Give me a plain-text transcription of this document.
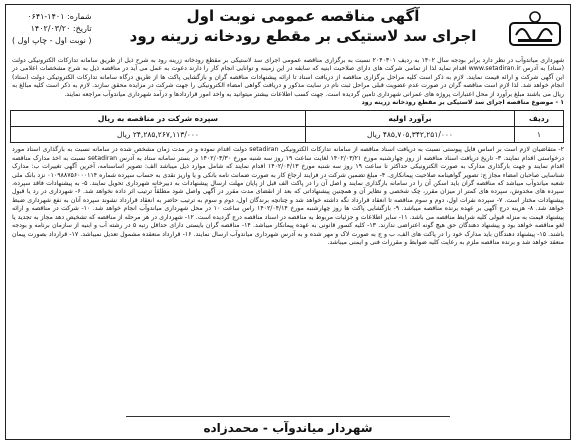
آگهی مناقصه عمومی نوبت اول

اجرای سد لاستیکی بر مقطع رودخانه زرینه رود

شماره: ۱۴۰۱-۰۶۴۱
تاریخ: ۱۴۰۲/۰۳/۲۰
( نوبت اول - چاپ اول )

شهرداری میاندوآب در نظر دارد برابر بودجه سال ۱۴۰۲ به ردیف ۲۰۴۰۳۰۱ نسبت به برگزاری مناقصه عمومی اجرای سد لاستیکی بر مقطع رودخانه زرینه رود به شرح ذیل از طریق سامانه تدارکات الکترونیکی دولت (ستاد) به آدرس www.setadiran.ir اقدام نماید لذا از تمامی شرکت های دارای صلاحیت ابنیه که سابقه در این زمینه و توانایی انجام کار را دارند دعوت به عمل می آید در مناقصه ذیل به شرح مشخصات اعلامی در این آگهی شرکت و ارائه قیمت نمایند. لازم به ذکر است کلیه مراحل برگزاری مناقصه از دریافت اسناد تا ارائه پیشنهادات مناقصه گران و بازگشایی پاکت ها از طریق درگاه سامانه تدارکات الکترونیکی دولت (ستاد) انجام خواهد شد. لذا لازم است مناقصه گران در صورت عدم عضویت قبلی مراحل ثبت نام در سایت مذکور و دریافت گواهی امضاء الکترونیکی را جهت شرکت در مزایده محقق سازند. لازم به ذکر است کلیه مبالغ به ریال می باشند مبلغ برآورد از محل اعتبارات پروژه های عمرانی شهرداری تامین گردیده است. جهت کسب اطلاعات بیشتر میتوانید به واحد امور قراردادها و درآمد شهرداری میاندوآب مراجعه نمایند.

۱ - موضوع مناقصه اجرای سد لاستیکی بر مقطع رودخانه زرینه رود

ردیف	برآورد اولیه	سپرده شرکت در مناقصه به ریال
۱	۴۸۵,۷۰۵,۳۴۲,۲۵۱/۰۰۰ ریال	۲۴,۲۸۵,۲۶۷,۱۱۳/۰۰۰ ریال

۲- متقاضیان لازم است بر اساس فایل پیوستی نسبت به دریافت اسناد مناقصه از سامانه تدارکات الکترونیکی setadiran دولت اقدام نموده و در مدت زمان مشخص شده در سامانه نسبت به بارگذاری اسناد مورد درخواستی اقدام نمایند. ۳- تاریخ دریافت اسناد مناقصه از روز چهارشنبه مورخ ۱۴۰۲/۰۳/۲۱ لغایت ساعت ۱۹ روز سه شنبه مورخ ۱۴۰۲/۰۳/۳۰ در بستر سامانه ستاد به آدرس setadiran نسبت به اخذ مدارک مناقصه اقدام نمایند و جهت بارگذاری مدارک به صورت الکترونیکی حداکثر تا ساعت ۱۹ روز سه شنبه مورخ ۱۴۰۲/۰۴/۱۳ اقدام نمایند که شامل موارد ذیل میباشد الف: تصویر اساسنامه، آخرین آگهی تغییرات ب: مدارک شناسایی صاحبان امضاء مجاز ج: تصویر گواهینامه صلاحیت پیمانکاری. ۴- مبلغ تضمین شرکت در فرایند ارجاع کار به صورت ضمانت نامه بانکی و یا واریز نقدی به حساب سپرده شماره ۰۱۰۹۸۸۷۵۶۰۰۰۱۱۴ نزد بانک ملی شعبه میاندوآب میباشد که مناقصه گران باید اسکن آن را در سامانه بارگذاری نمایند و اصل آن را در پاکت الف قبل از پایان مهلت ارسال پیشنهادات به دبیرخانه شهرداری تحویل نمایند. ۵- به پیشنهادات فاقد سپرده، سپرده های مخدوش، سپرده های کمتر از میزان مقرر، چک شخصی و نظایر آن و همچنین پیشنهاداتی که بعد از انقضای مدت مقرر در آگهی واصل شود مطلقاً ترتیب اثر داده نخواهد شد. ۶- شهرداری در رد یا قبول پیشنهادات مختار است. ۷- سپرده نفرات اول، دوم و سوم مناقصه تا انعقاد قرارداد نگه داشته خواهد شد و چنانچه برندگان اول، دوم و سوم به ترتیب حاضر به انعقاد قرارداد نشوند سپرده آنان به نفع شهرداری ضبط خواهد شد. ۸- هزینه درج آگهی بر عهده برنده مناقصه میباشد. ۹- بازگشایی پاکت ها روز چهارشنبه مورخ ۱۴۰۲/۰۴/۱۴ راس ساعت ۱۰ در محل شهرداری میاندوآب انجام خواهد شد. ۱۰- شرکت در مناقصه و ارائه پیشنهاد قیمت به منزله قبولی کلیه شرایط مناقصه می باشد. ۱۱- سایر اطلاعات و جزئیات مربوط به مناقصه در اسناد مناقصه درج گردیده است. ۱۲- شهرداری در هر مرحله از مناقصه که تشخیص دهد مجاز به تجدید یا لغو مناقصه خواهد بود و پیشنهاد دهندگان حق هیچ گونه اعتراضی ندارند. ۱۳- کلیه کسور قانونی به عهده پیمانکار میباشد. ۱۴- مناقصه گران بایستی دارای حداقل رتبه ۵ در رشته آب و ابنیه از سازمان برنامه و بودجه باشند. ۱۵- پیشنهاد دهندگان باید مدارک خود را در پاکت های الف، ب و ج به صورت لاک و مهر شده و به آدرس شهرداری میاندوآب ارسال نمایند. ۱۶- قرارداد منعقده مشمول تعدیل نمیباشد. ۱۷- قرارداد بصورت پیمان منعقد خواهد شد و برنده مناقصه ملزم به رعایت کلیه ضوابط و مقررات فنی و ایمنی میباشد.

شهردار میاندوآب - محمدزاده
